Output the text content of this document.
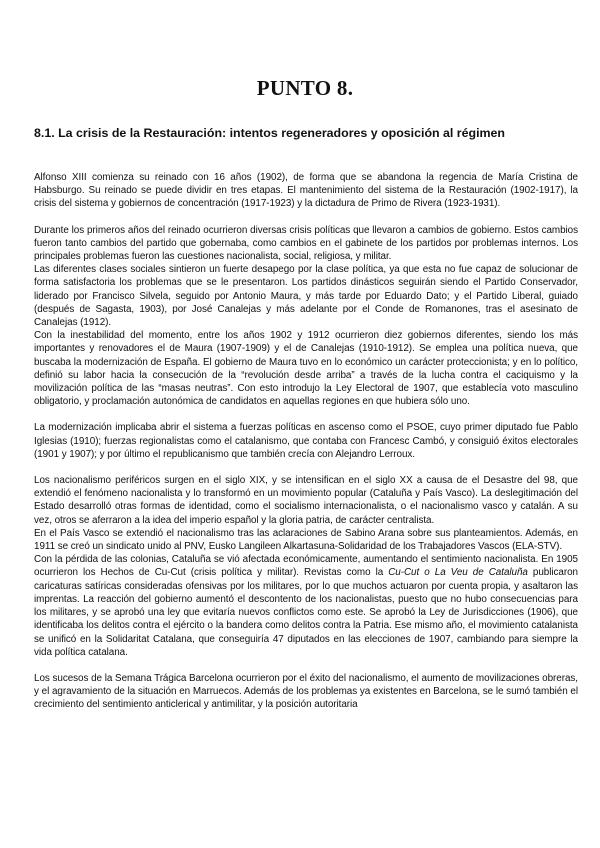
PUNTO 8.
8.1. La crisis de la Restauración: intentos regeneradores y oposición al régimen

Alfonso XIII comienza su reinado con 16 años (1902), de forma que se abandona la regencia de María Cristina de Habsburgo. Su reinado se puede dividir en tres etapas. El mantenimiento del sistema de la Restauración (1902-1917), la crisis del sistema y gobiernos de concentración (1917-1923) y la dictadura de Primo de Rivera (1923-1931).

Durante los primeros años del reinado ocurrieron diversas crisis políticas que llevaron a cambios de gobierno. Estos cambios fueron tanto cambios del partido que gobernaba, como cambios en el gabinete de los partidos por problemas internos. Los principales problemas fueron las cuestiones nacionalista, social, religiosa, y militar.

Las diferentes clases sociales sintieron un fuerte desapego por la clase política, ya que esta no fue capaz de solucionar de forma satisfactoria los problemas que se le presentaron. Los partidos dinásticos seguirán siendo el Partido Conservador, liderado por Francisco Silvela, seguido por Antonio Maura, y más tarde por Eduardo Dato; y el Partido Liberal, guiado (después de Sagasta, 1903), por José Canalejas y más adelante por el Conde de Romanones, tras el asesinato de Canalejas (1912).

Con la inestabilidad del momento, entre los años 1902 y 1912 ocurrieron diez gobiernos diferentes, siendo los más importantes y renovadores el de Maura (1907-1909) y el de Canalejas (1910-1912). Se emplea una política nueva, que buscaba la modernización de España. El gobierno de Maura tuvo en lo económico un carácter proteccionista; y en lo político, definió su labor hacia la consecución de la “revolución desde arriba” a través de la lucha contra el caciquismo y la movilización política de las “masas neutras”. Con esto introdujo la Ley Electoral de 1907, que establecía voto masculino obligatorio, y proclamación autonómica de candidatos en aquellas regiones en que hubiera sólo uno.

La modernización implicaba abrir el sistema a fuerzas políticas en ascenso como el PSOE, cuyo primer diputado fue Pablo Iglesias (1910); fuerzas regionalistas como el catalanismo, que contaba con Francesc Cambó, y consiguió éxitos electorales (1901 y 1907); y por último el republicanismo que también crecía con Alejandro Lerroux.

Los nacionalismo periféricos surgen en el siglo XIX, y se intensifican en el siglo XX a causa de el Desastre del 98, que extendió el fenómeno nacionalista y lo transformó en un movimiento popular (Cataluña y País Vasco). La deslegitimación del Estado desarrolló otras formas de identidad, como el socialismo internacionalista, o el nacionalismo vasco y catalán. A su vez, otros se aferraron a la idea del imperio español y la gloria patria, de carácter centralista.

En el País Vasco se extendió el nacionalismo tras las aclaraciones de Sabino Arana sobre sus planteamientos. Además, en 1911 se creó un sindicato unido al PNV, Eusko Langileen Alkartasuna-Solidaridad de los Trabajadores Vascos (ELA-STV).

Con la pérdida de las colonias, Cataluña se vió afectada económicamente, aumentando el sentimiento nacionalista. En 1905 ocurrieron los Hechos de Cu-Cut (crisis política y militar). Revistas como la Cu-Cut o La Veu de Cataluña publicaron caricaturas satíricas consideradas ofensivas por los militares, por lo que muchos actuaron por cuenta propia, y asaltaron las imprentas. La reacción del gobierno aumentó el descontento de los nacionalistas, puesto que no hubo consecuencias para los militares, y se aprobó una ley que evitaría nuevos conflictos como este. Se aprobó la Ley de Jurisdicciones (1906), que identificaba los delitos contra el ejército o la bandera como delitos contra la Patria. Ese mismo año, el movimiento catalanista se unificó en la Solidaritat Catalana, que conseguiría 47 diputados en las elecciones de 1907, cambiando para siempre la vida política catalana.

Los sucesos de la Semana Trágica Barcelona ocurrieron por el éxito del nacionalismo, el aumento de movilizaciones obreras, y el agravamiento de la situación en Marruecos. Además de los problemas ya existentes en Barcelona, se le sumó también el crecimiento del sentimiento anticlerical y antimilitar, y la posición autoritaria
